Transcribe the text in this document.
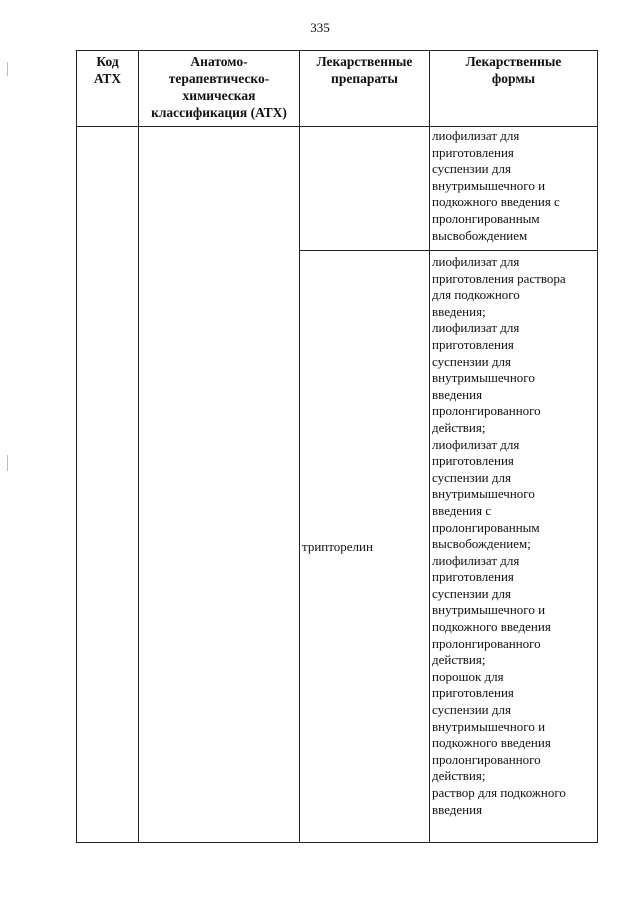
335
Код
АТХ
Анатомо-
терапевтическо-
химическая
классификация (АТХ)
Лекарственные
препараты
Лекарственные
формы
лиофилизат для
приготовления
суспензии для
внутримышечного и
подкожного введения с
пролонгированным
высвобождением
трипторелин
лиофилизат для
приготовления раствора
для подкожного
введения;
лиофилизат для
приготовления
суспензии для
внутримышечного
введения
пролонгированного
действия;
лиофилизат для
приготовления
суспензии для
внутримышечного
введения с
пролонгированным
высвобождением;
лиофилизат для
приготовления
суспензии для
внутримышечного и
подкожного введения
пролонгированного
действия;
порошок для
приготовления
суспензии для
внутримышечного и
подкожного введения
пролонгированного
действия;
раствор для подкожного
введения
